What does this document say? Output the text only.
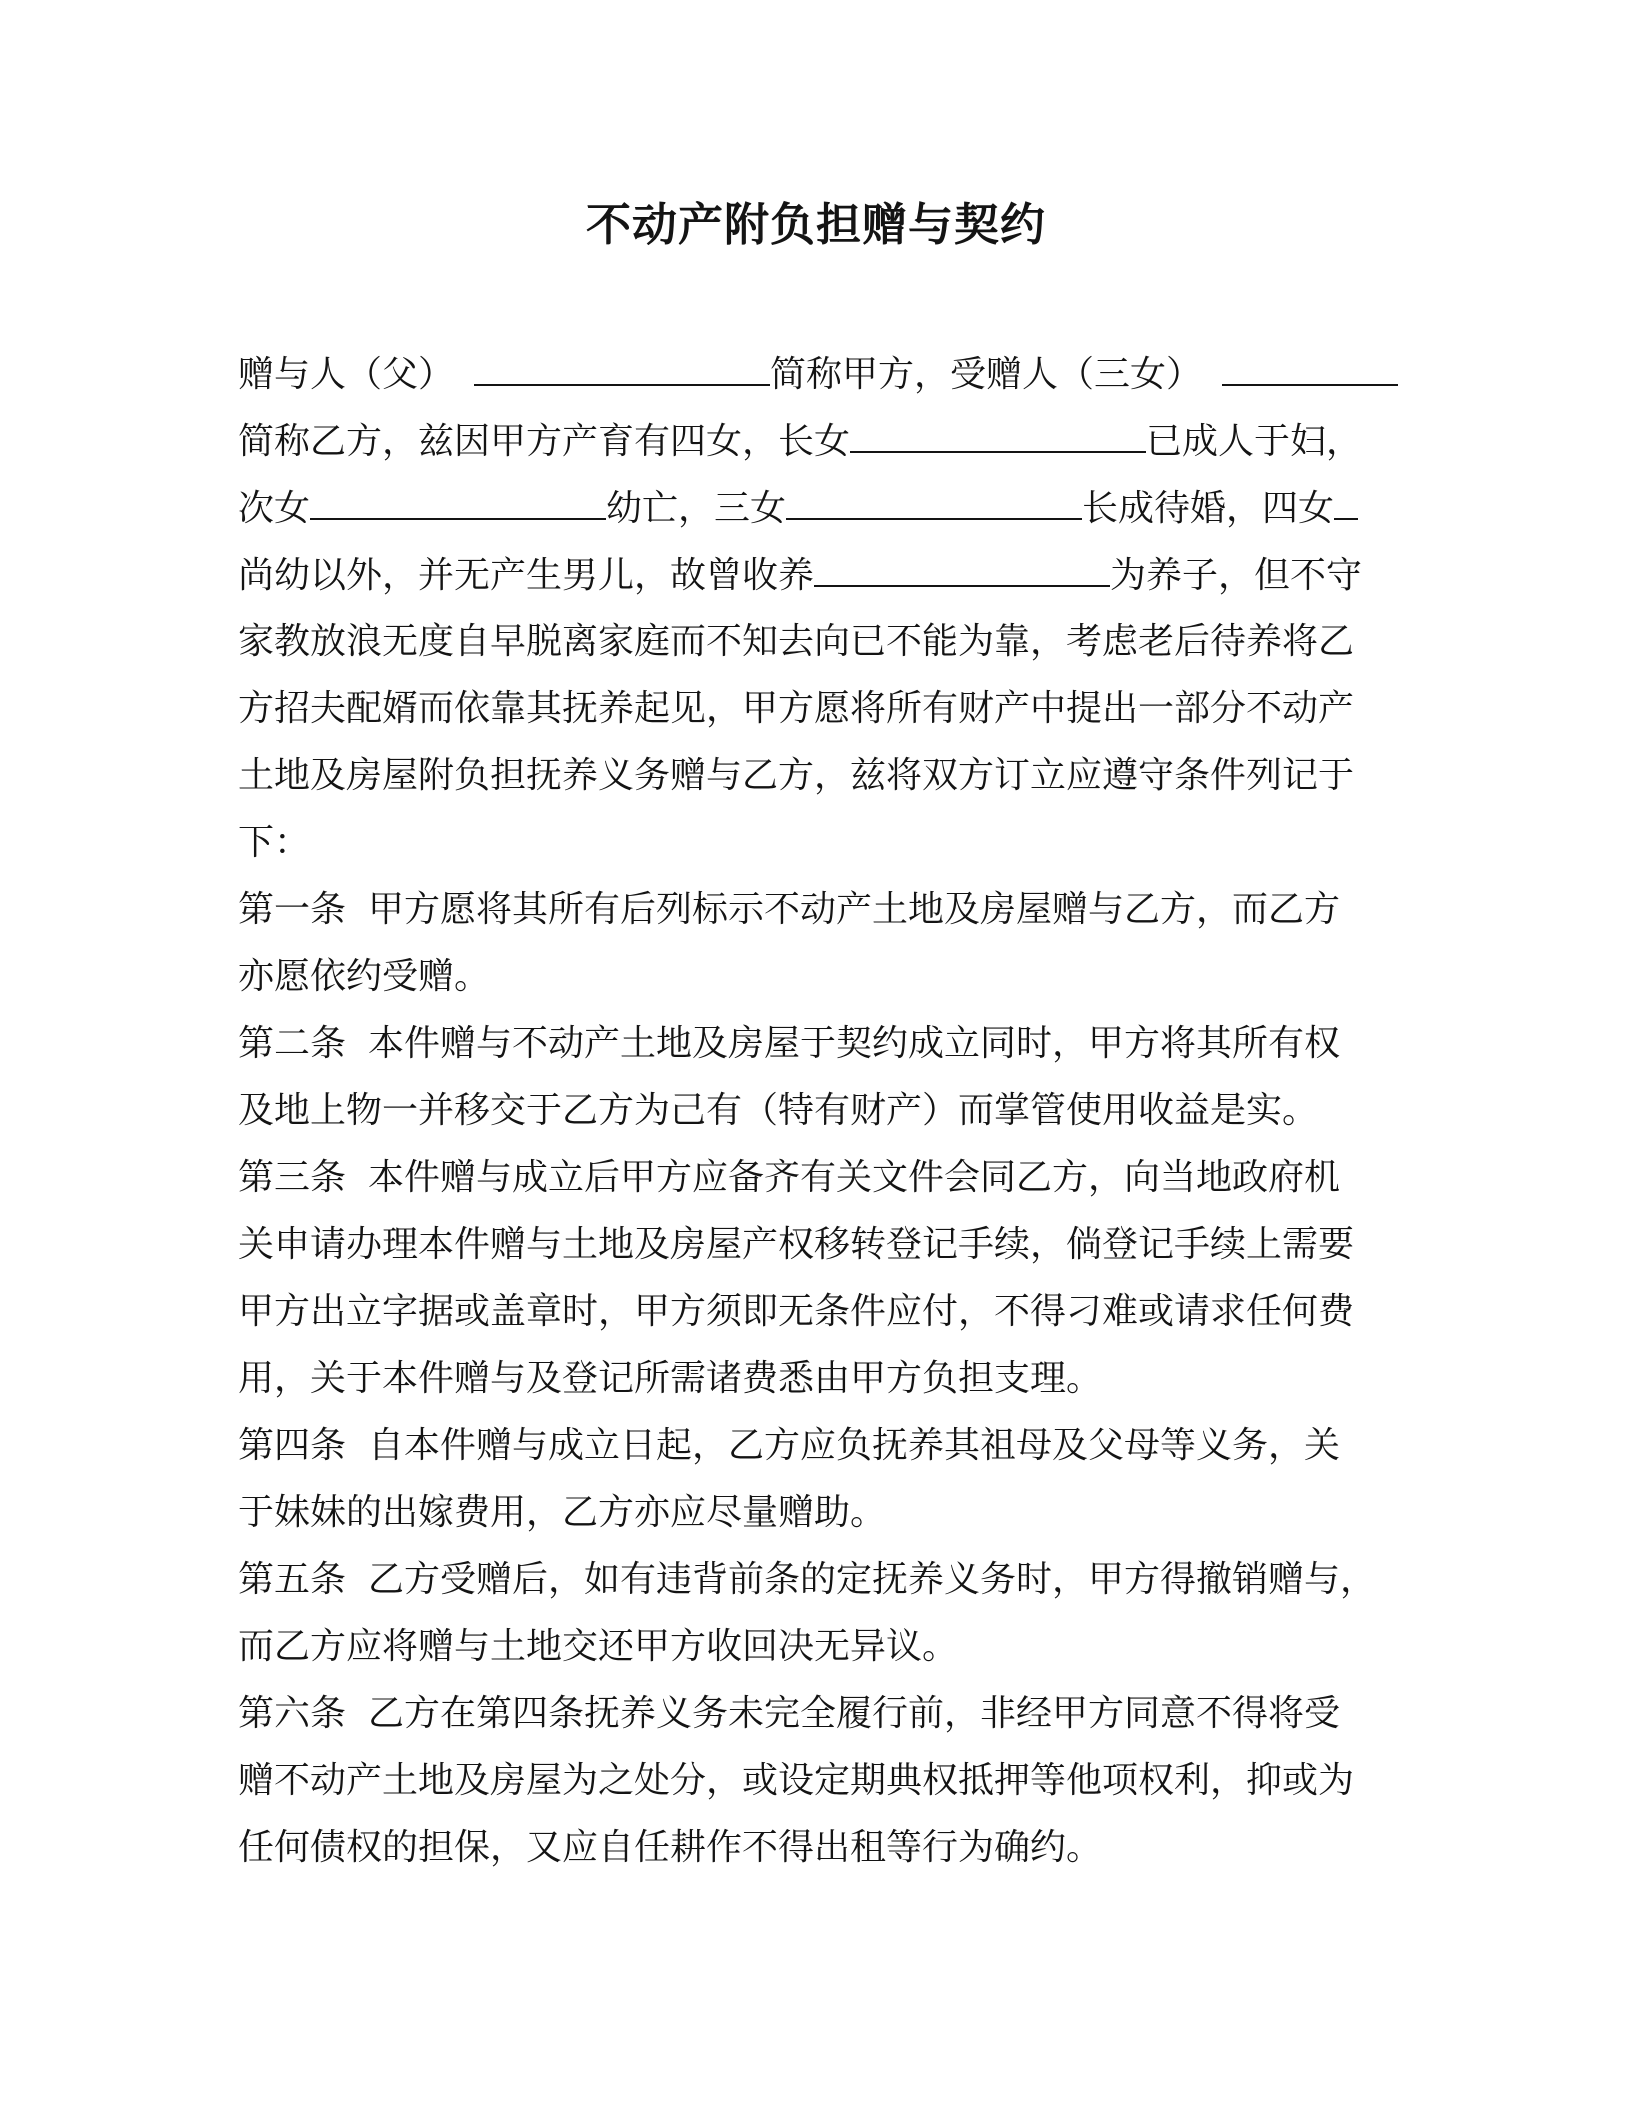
不动产附负担赠与契约
赠与人（父）	简称甲方，受赠人（三女）
简称乙方，兹因甲方产育有四女，长女	已成人于妇，
次女	幼亡，三女	长成待婚，四女
尚幼以外，并无产生男儿，故曾收养	为养子，但不守
家教放浪无度自早脱离家庭而不知去向已不能为靠，考虑老后待养将乙
方招夫配婿而依靠其抚养起见，甲方愿将所有财产中提出一部分不动产
土地及房屋附负担抚养义务赠与乙方，兹将双方订立应遵守条件列记于
下：
第一条 甲方愿将其所有后列标示不动产土地及房屋赠与乙方，而乙方
亦愿依约受赠。
第二条 本件赠与不动产土地及房屋于契约成立同时，甲方将其所有权
及地上物一并移交于乙方为己有（特有财产）而掌管使用收益是实。
第三条 本件赠与成立后甲方应备齐有关文件会同乙方，向当地政府机
关申请办理本件赠与土地及房屋产权移转登记手续，倘登记手续上需要
甲方出立字据或盖章时，甲方须即无条件应付，不得刁难或请求任何费
用，关于本件赠与及登记所需诸费悉由甲方负担支理。
第四条 自本件赠与成立日起，乙方应负抚养其祖母及父母等义务，关
于妹妹的出嫁费用，乙方亦应尽量赠助。
第五条 乙方受赠后，如有违背前条的定抚养义务时，甲方得撤销赠与，
而乙方应将赠与土地交还甲方收回决无异议。
第六条 乙方在第四条抚养义务未完全履行前，非经甲方同意不得将受
赠不动产土地及房屋为之处分，或设定期典权抵押等他项权利，抑或为
任何债权的担保，又应自任耕作不得出租等行为确约。
